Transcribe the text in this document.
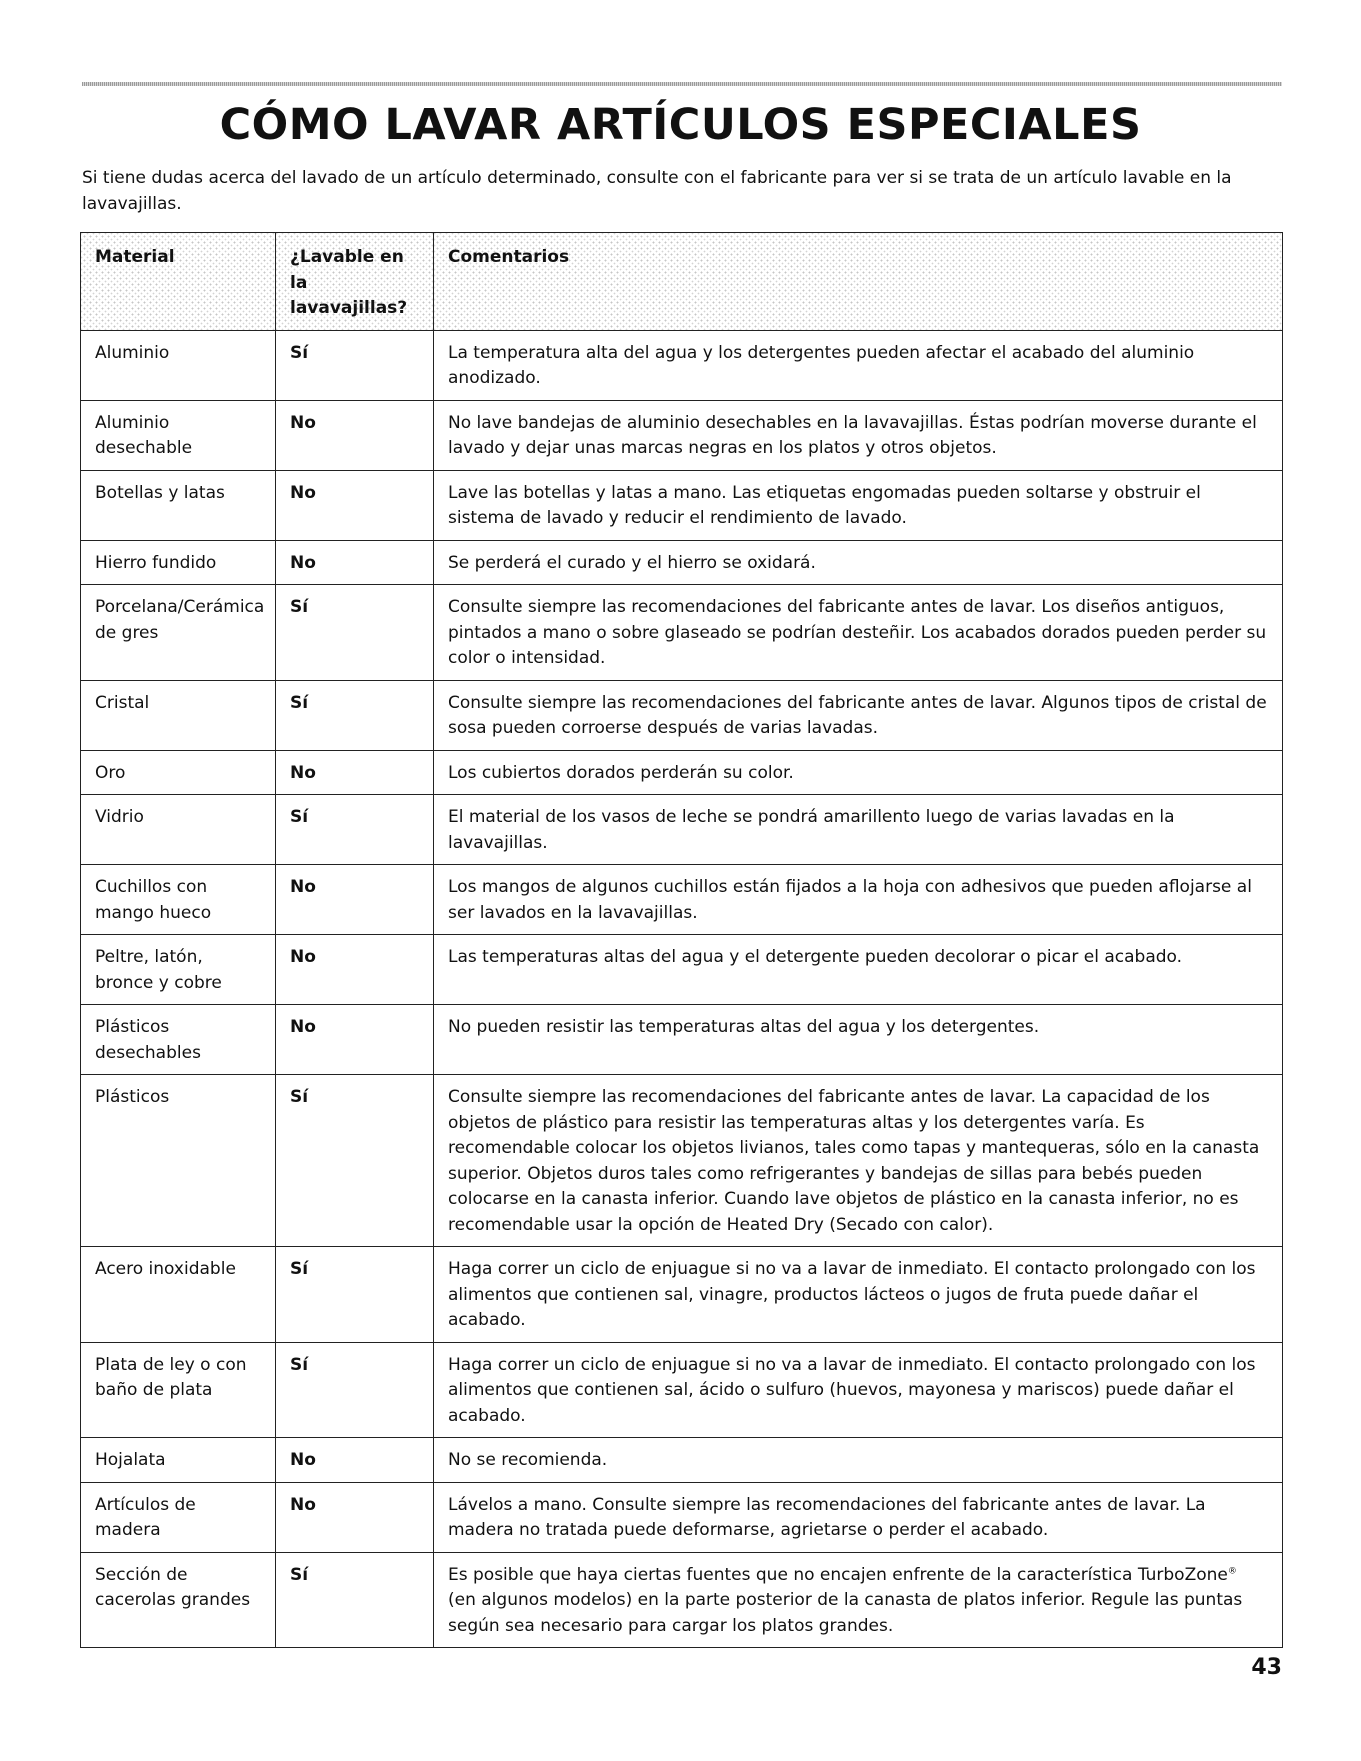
CÓMO LAVAR ARTÍCULOS ESPECIALES

Si tiene dudas acerca del lavado de un artículo determinado, consulte con el fabricante para ver si se trata de un artículo lavable en la lavavajillas.

Material	¿Lavable en la lavavajillas?	Comentarios
Aluminio	Sí	La temperatura alta del agua y los detergentes pueden afectar el acabado del aluminio anodizado.
Aluminio desechable	No	No lave bandejas de aluminio desechables en la lavavajillas. Éstas podrían moverse durante el lavado y dejar unas marcas negras en los platos y otros objetos.
Botellas y latas	No	Lave las botellas y latas a mano. Las etiquetas engomadas pueden soltarse y obstruir el sistema de lavado y reducir el rendimiento de lavado.
Hierro fundido	No	Se perderá el curado y el hierro se oxidará.
Porcelana/Cerámica de gres	Sí	Consulte siempre las recomendaciones del fabricante antes de lavar. Los diseños antiguos, pintados a mano o sobre glaseado se podrían desteñir. Los acabados dorados pueden perder su color o intensidad.
Cristal	Sí	Consulte siempre las recomendaciones del fabricante antes de lavar. Algunos tipos de cristal de sosa pueden corroerse después de varias lavadas.
Oro	No	Los cubiertos dorados perderán su color.
Vidrio	Sí	El material de los vasos de leche se pondrá amarillento luego de varias lavadas en la lavavajillas.
Cuchillos con mango hueco	No	Los mangos de algunos cuchillos están fijados a la hoja con adhesivos que pueden aflojarse al ser lavados en la lavavajillas.
Peltre, latón, bronce y cobre	No	Las temperaturas altas del agua y el detergente pueden decolorar o picar el acabado.
Plásticos desechables	No	No pueden resistir las temperaturas altas del agua y los detergentes.
Plásticos	Sí	Consulte siempre las recomendaciones del fabricante antes de lavar. La capacidad de los objetos de plástico para resistir las temperaturas altas y los detergentes varía. Es recomendable colocar los objetos livianos, tales como tapas y mantequeras, sólo en la canasta superior. Objetos duros tales como refrigerantes y bandejas de sillas para bebés pueden colocarse en la canasta inferior. Cuando lave objetos de plástico en la canasta inferior, no es recomendable usar la opción de Heated Dry (Secado con calor).
Acero inoxidable	Sí	Haga correr un ciclo de enjuague si no va a lavar de inmediato. El contacto prolongado con los alimentos que contienen sal, vinagre, productos lácteos o jugos de fruta puede dañar el acabado.
Plata de ley o con baño de plata	Sí	Haga correr un ciclo de enjuague si no va a lavar de inmediato. El contacto prolongado con los alimentos que contienen sal, ácido o sulfuro (huevos, mayonesa y mariscos) puede dañar el acabado.
Hojalata	No	No se recomienda.
Artículos de madera	No	Lávelos a mano. Consulte siempre las recomendaciones del fabricante antes de lavar. La madera no tratada puede deformarse, agrietarse o perder el acabado.
Sección de cacerolas grandes	Sí	Es posible que haya ciertas fuentes que no encajen enfrente de la característica TurboZone® (en algunos modelos) en la parte posterior de la canasta de platos inferior. Regule las puntas según sea necesario para cargar los platos grandes.

43
